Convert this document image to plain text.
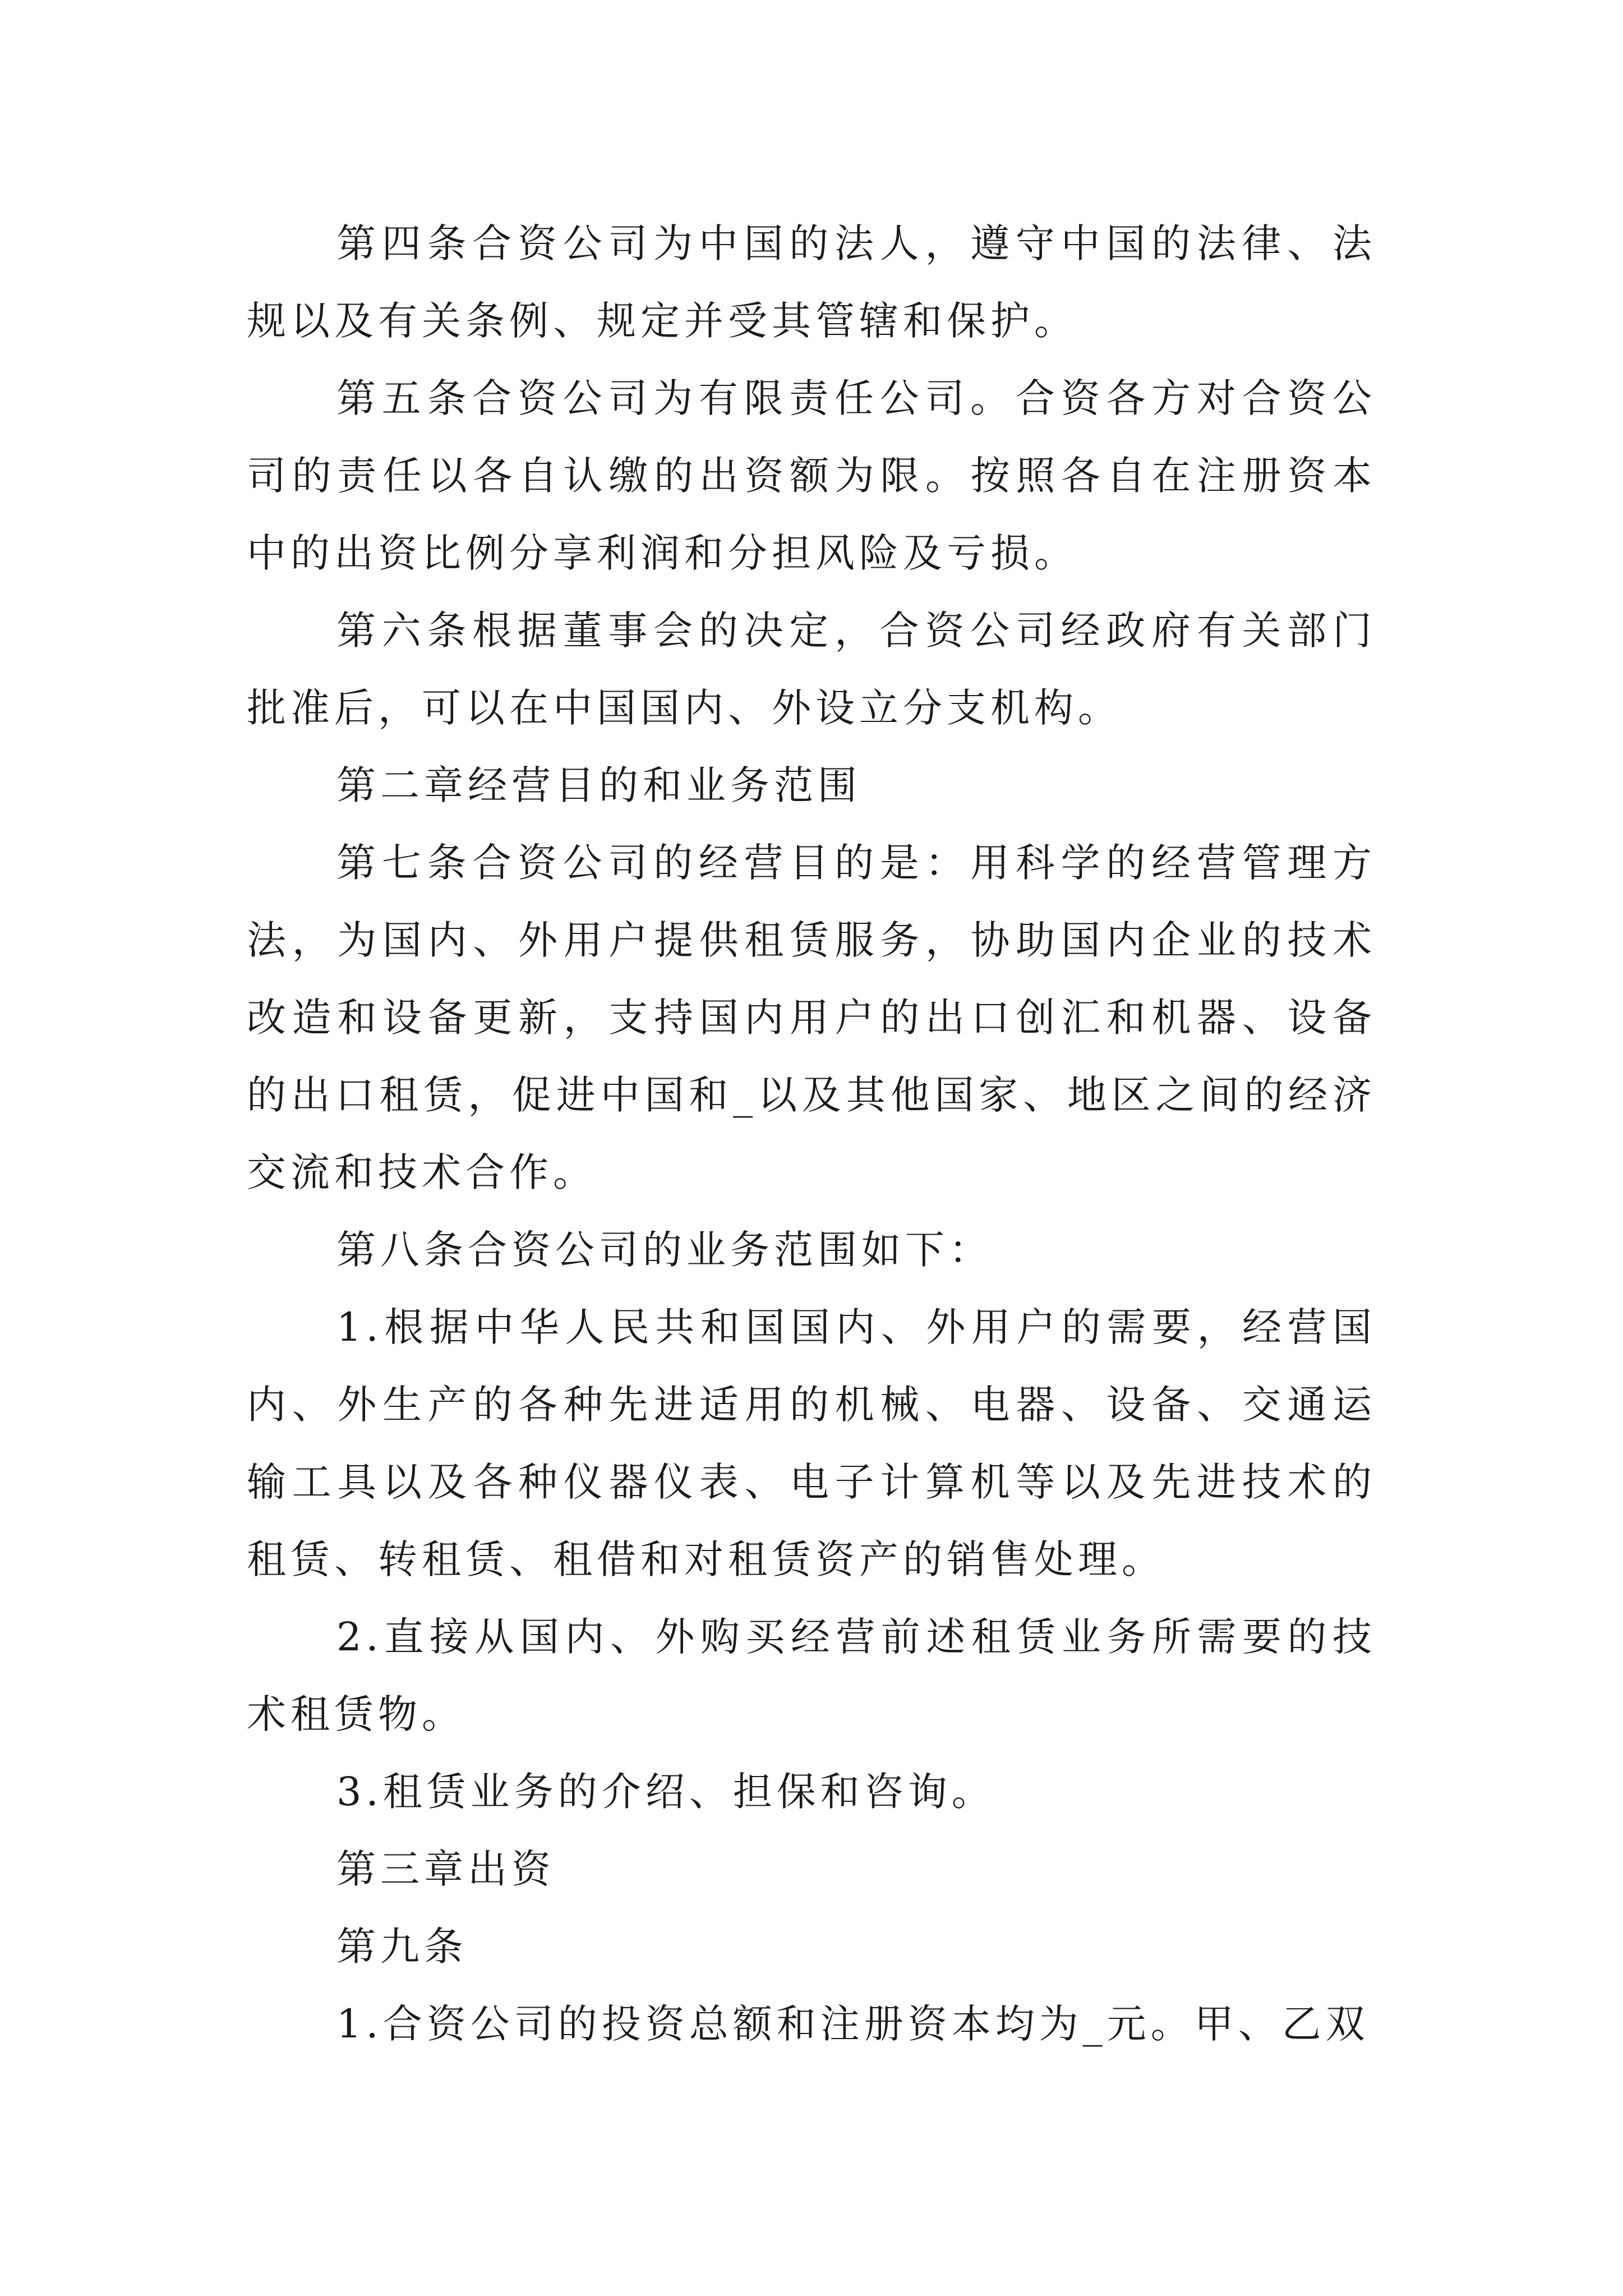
第四条合资公司为中国的法人，遵守中国的法律、法规以及有关条例、规定并受其管辖和保护。

第五条合资公司为有限责任公司。合资各方对合资公司的责任以各自认缴的出资额为限。按照各自在注册资本中的出资比例分享利润和分担风险及亏损。

第六条根据董事会的决定，合资公司经政府有关部门批准后，可以在中国国内、外设立分支机构。

第二章经营目的和业务范围

第七条合资公司的经营目的是：用科学的经营管理方法，为国内、外用户提供租赁服务，协助国内企业的技术改造和设备更新，支持国内用户的出口创汇和机器、设备的出口租赁，促进中国和_以及其他国家、地区之间的经济交流和技术合作。

第八条合资公司的业务范围如下：

1.根据中华人民共和国国内、外用户的需要，经营国内、外生产的各种先进适用的机械、电器、设备、交通运输工具以及各种仪器仪表、电子计算机等以及先进技术的租赁、转租赁、租借和对租赁资产的销售处理。

2.直接从国内、外购买经营前述租赁业务所需要的技术租赁物。

3.租赁业务的介绍、担保和咨询。

第三章出资

第九条

1.合资公司的投资总额和注册资本均为_元。甲、乙双
